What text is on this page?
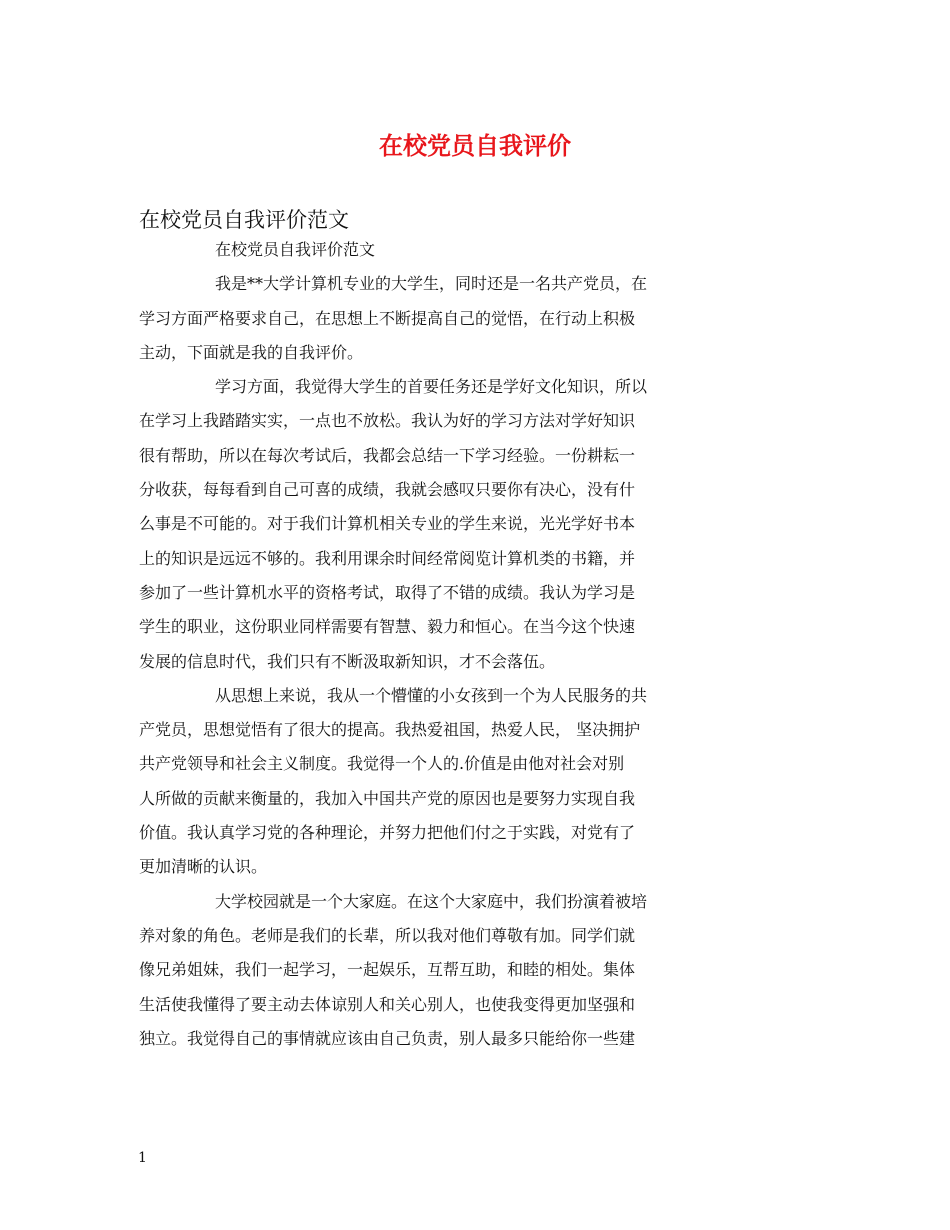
在校党员自我评价

在校党员自我评价范文

在校党员自我评价范文
我是**大学计算机专业的大学生，同时还是一名共产党员，在
学习方面严格要求自己，在思想上不断提高自己的觉悟，在行动上积极
主动，下面就是我的自我评价。
学习方面，我觉得大学生的首要任务还是学好文化知识，所以
在学习上我踏踏实实，一点也不放松。我认为好的学习方法对学好知识
很有帮助，所以在每次考试后，我都会总结一下学习经验。一份耕耘一
分收获，每每看到自己可喜的成绩，我就会感叹只要你有决心，没有什
么事是不可能的。对于我们计算机相关专业的学生来说，光光学好书本
上的知识是远远不够的。我利用课余时间经常阅览计算机类的书籍，并
参加了一些计算机水平的资格考试，取得了不错的成绩。我认为学习是
学生的职业，这份职业同样需要有智慧、毅力和恒心。在当今这个快速
发展的信息时代，我们只有不断汲取新知识，才不会落伍。
从思想上来说，我从一个懵懂的小女孩到一个为人民服务的共
产党员，思想觉悟有了很大的提高。我热爱祖国，热爱人民， 坚决拥护
共产党领导和社会主义制度。我觉得一个人的.价值是由他对社会对别
人所做的贡献来衡量的，我加入中国共产党的原因也是要努力实现自我
价值。我认真学习党的各种理论，并努力把他们付之于实践，对党有了
更加清晰的认识。
大学校园就是一个大家庭。在这个大家庭中，我们扮演着被培
养对象的角色。老师是我们的长辈，所以我对他们尊敬有加。同学们就
像兄弟姐妹，我们一起学习，一起娱乐，互帮互助，和睦的相处。集体
生活使我懂得了要主动去体谅别人和关心别人，也使我变得更加坚强和
独立。我觉得自己的事情就应该由自己负责，别人最多只能给你一些建

1
